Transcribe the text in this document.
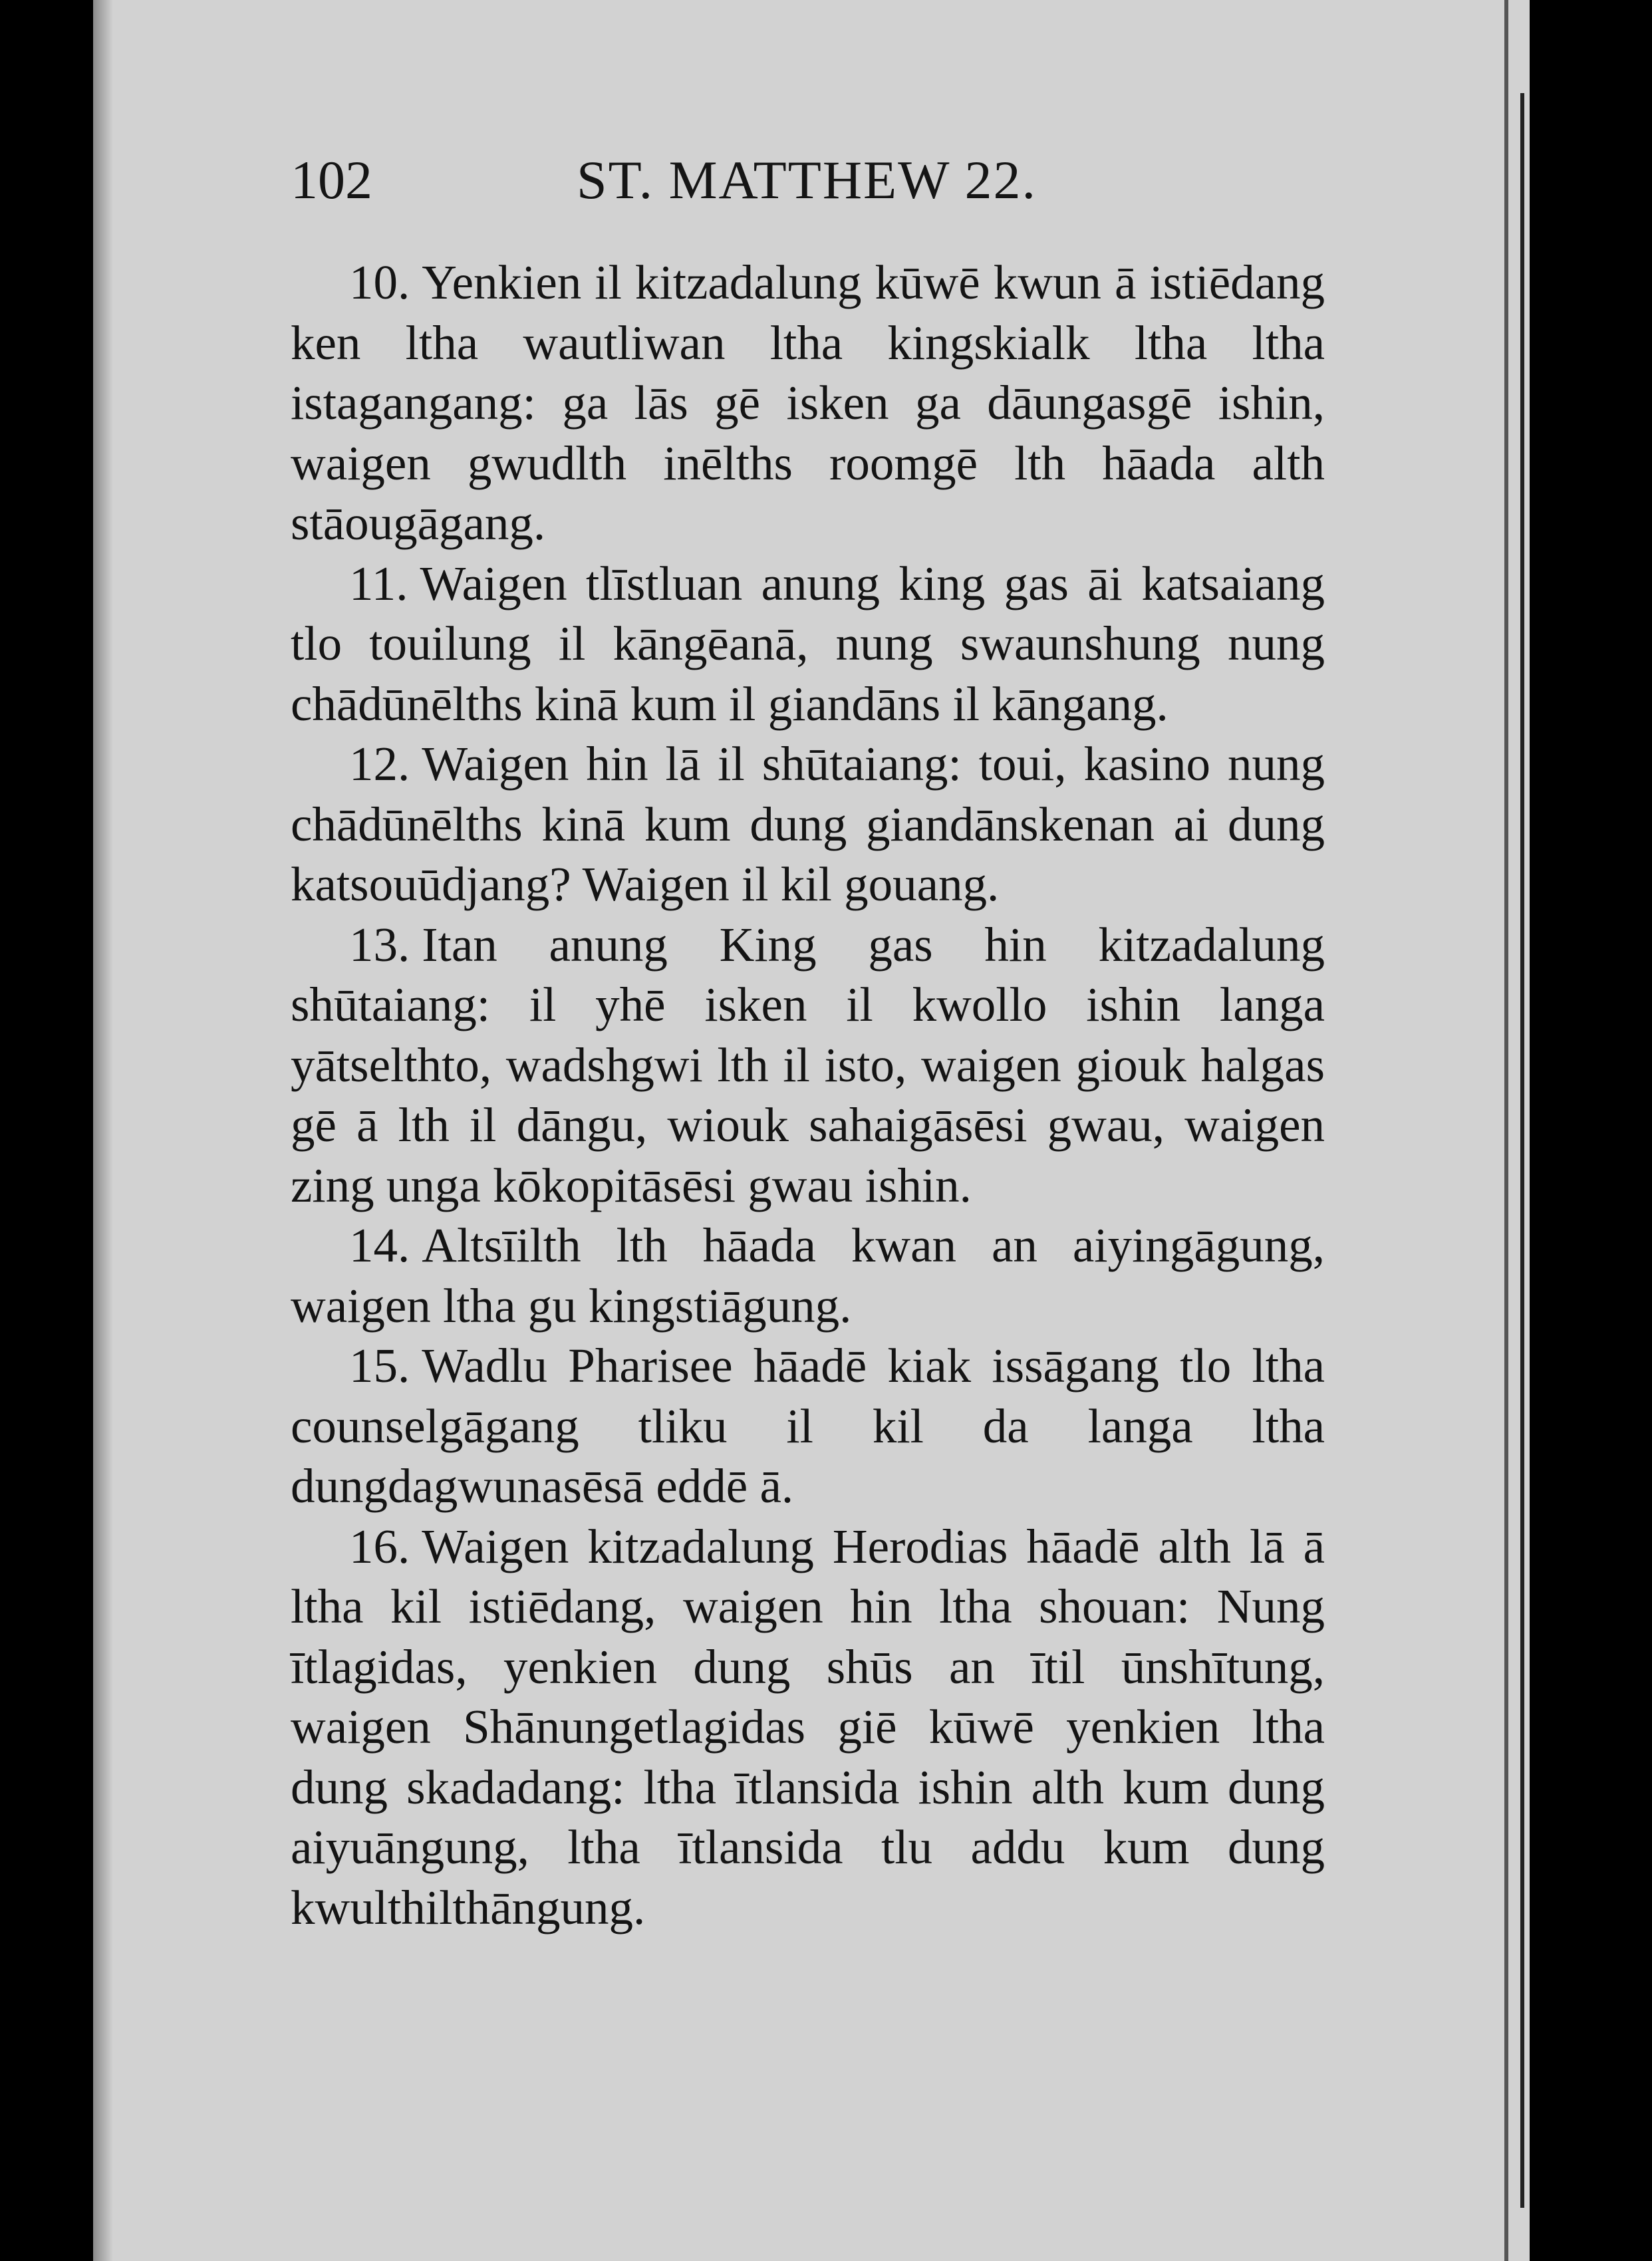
102	ST. MATTHEW 22.

10. Yenkien il kitzadalung kūwē kwun ā istiēdang ken ltha wautliwan ltha kingskialk ltha ltha istagangang: ga lās gē isken ga dāungasgē ishin, waigen gwudlth inēlths roomgē lth hāada alth stāougāgang.

11. Waigen tlīstluan anung king gas āi katsaiang tlo touilung il kāngēanā, nung swaunshung nung chādūnēlths kinā kum il giandāns il kāngang.

12. Waigen hin lā il shūtaiang: toui, kasino nung chādūnēlths kinā kum dung giandānskenan ai dung katsouūdjang? Waigen il kil gouang.

13. Itan anung King gas hin kitzadalung shūtaiang: il yhē isken il kwollo ishin langa yātselthto, wadshgwi lth il isto, waigen giouk halgas gē ā lth il dāngu, wiouk sahaigāsēsi gwau, waigen zing unga kōkopitāsēsi gwau ishin.

14. Altsīilth lth hāada kwan an aiyingāgung, waigen ltha gu kingstiāgung.

15. Wadlu Pharisee hāadē kiak issāgang tlo ltha counselgāgang tliku il kil da langa ltha dungdagwunasēsā eddē ā.

16. Waigen kitzadalung Herodias hāadē alth lā ā ltha kil istiēdang, waigen hin ltha shouan: Nung ītlagidas, yenkien dung shūs an ītil ūnshītung, waigen Shānungetlagidas giē kūwē yenkien ltha dung skadadang: ltha ītlansida ishin alth kum dung aiyuāngung, ltha ītlansida tlu addu kum dung kwulthilthāngung.
